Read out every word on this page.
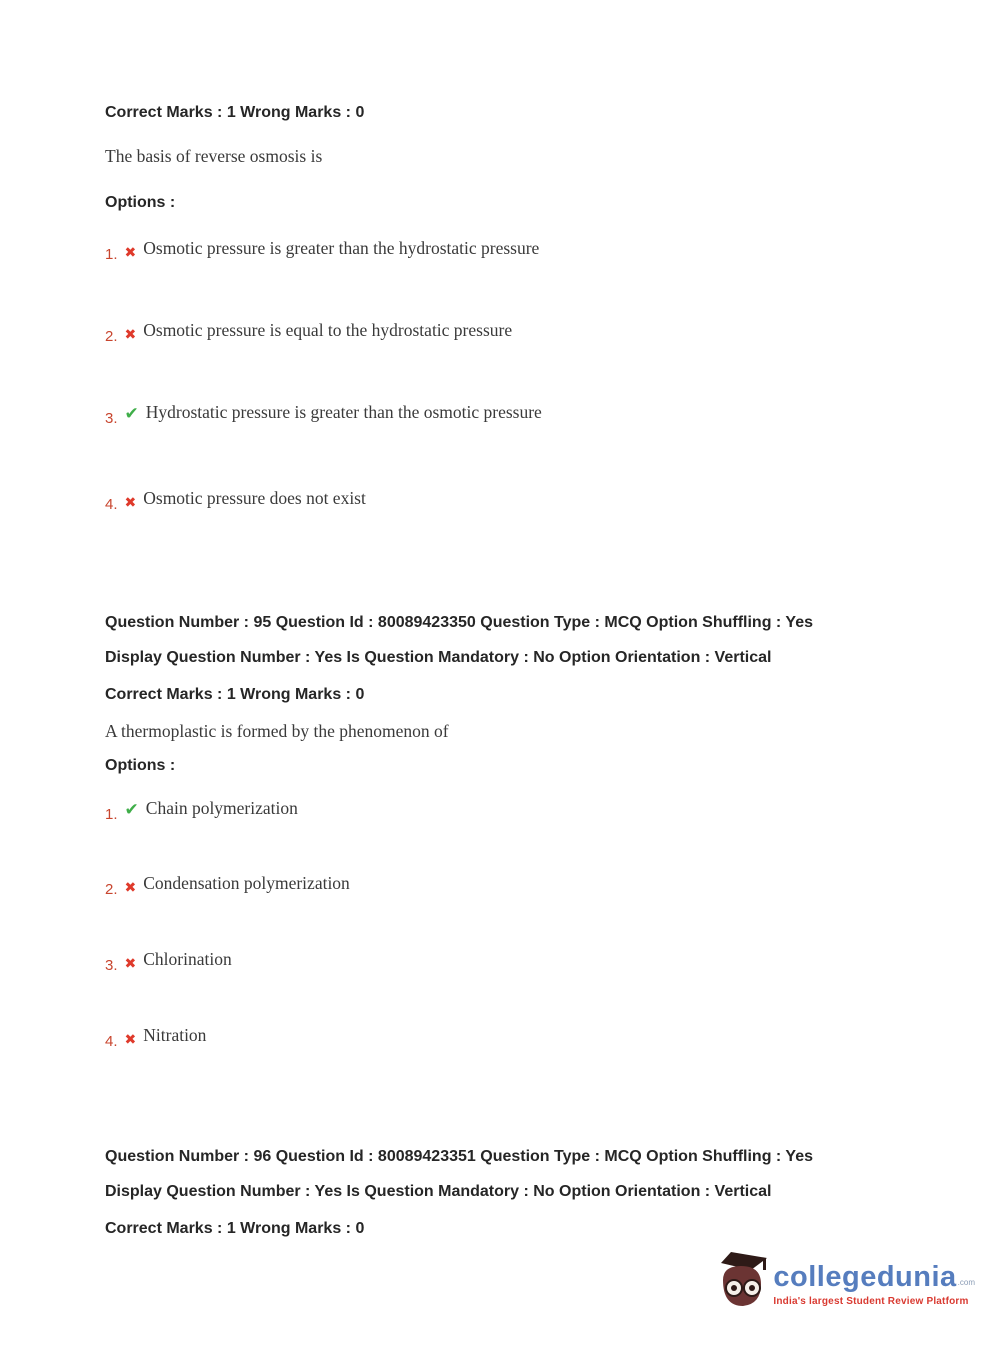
Correct Marks : 1 Wrong Marks : 0
The basis of reverse osmosis is
Options :
1. ✖ Osmotic pressure is greater than the hydrostatic pressure
2. ✖ Osmotic pressure is equal to the hydrostatic pressure
3. ✔ Hydrostatic pressure is greater than the osmotic pressure
4. ✖ Osmotic pressure does not exist
Question Number : 95 Question Id : 80089423350 Question Type : MCQ Option Shuffling : Yes
Display Question Number : Yes Is Question Mandatory : No Option Orientation : Vertical
Correct Marks : 1 Wrong Marks : 0
A thermoplastic is formed by the phenomenon of
Options :
1. ✔ Chain polymerization
2. ✖ Condensation polymerization
3. ✖ Chlorination
4. ✖ Nitration
Question Number : 96 Question Id : 80089423351 Question Type : MCQ Option Shuffling : Yes
Display Question Number : Yes Is Question Mandatory : No Option Orientation : Vertical
Correct Marks : 1 Wrong Marks : 0
collegedunia .com
India's largest Student Review Platform
